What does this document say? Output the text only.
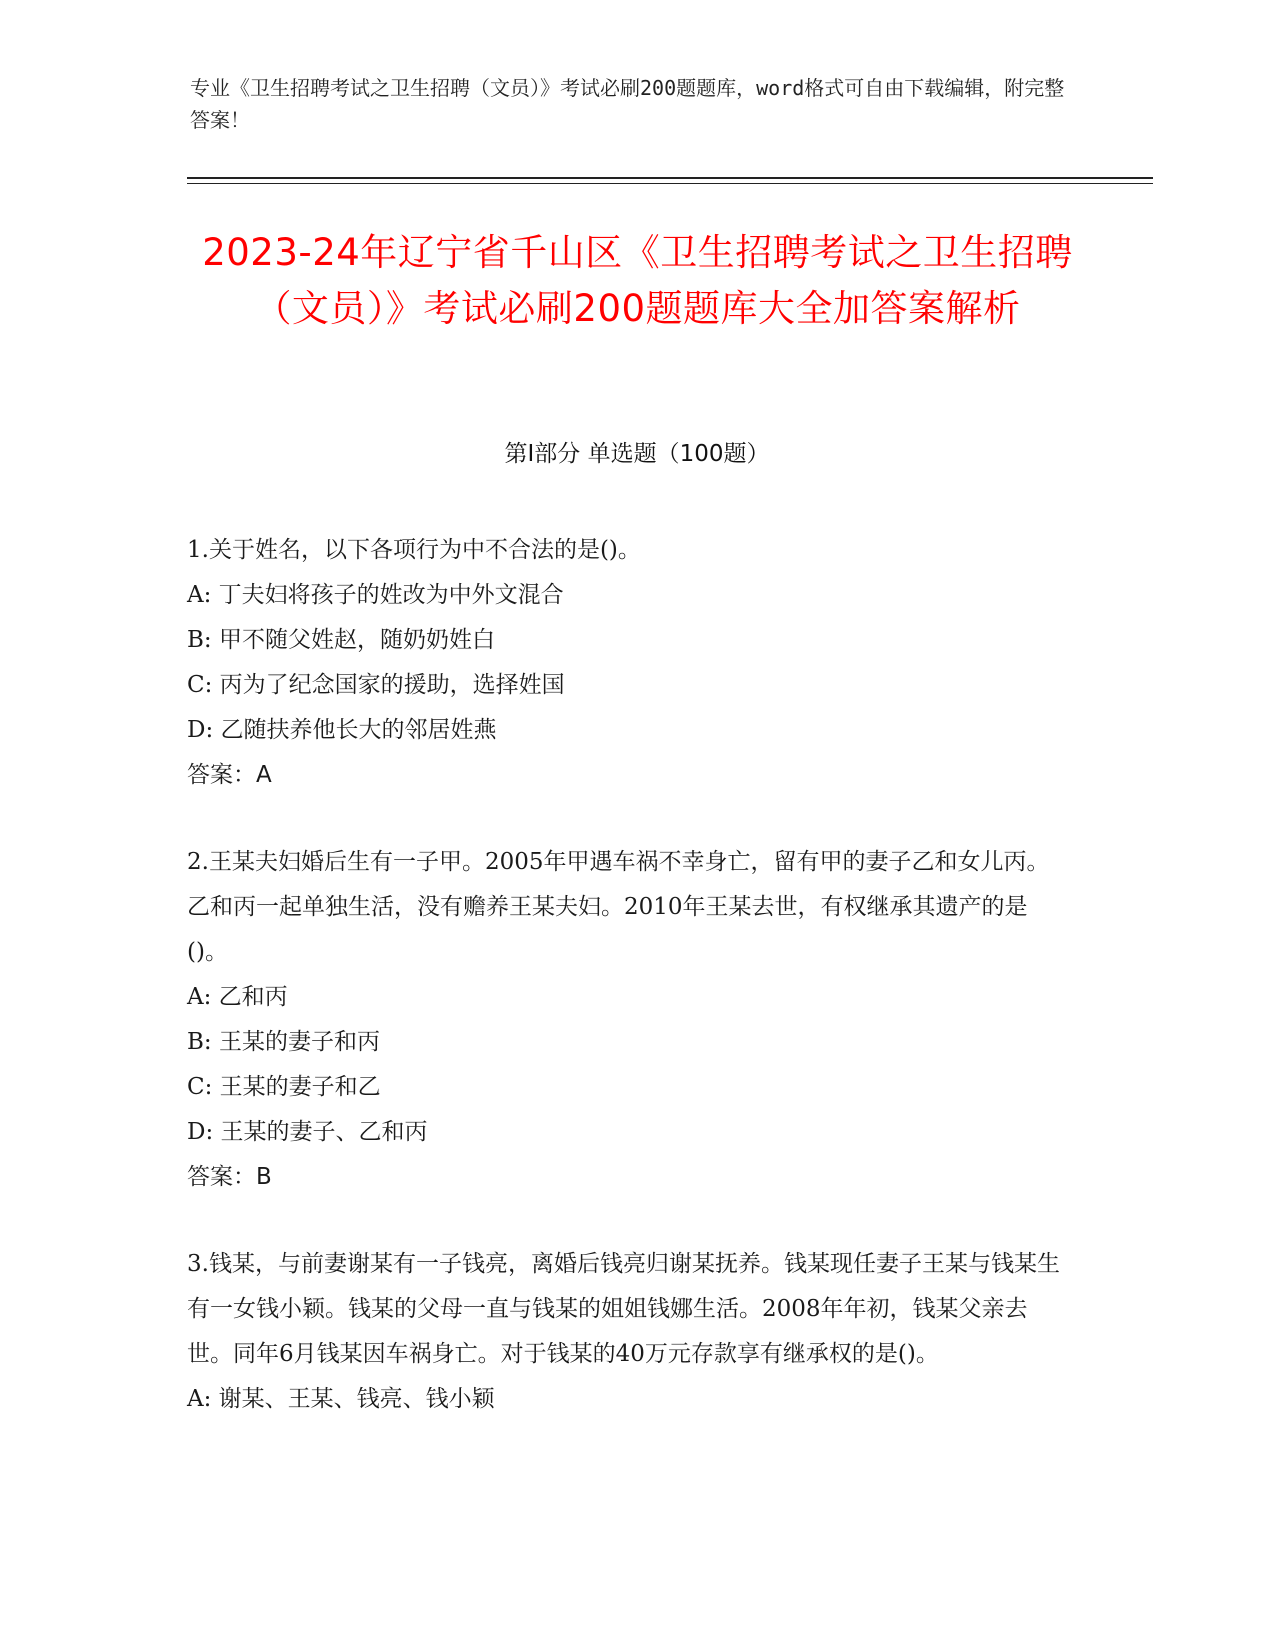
专业《卫生招聘考试之卫生招聘（文员）》考试必刷200题题库，word格式可自由下载编辑，附完整答案！
2023-24年辽宁省千山区《卫生招聘考试之卫生招聘（文员）》考试必刷200题题库大全加答案解析
第Ⅰ部分 单选题（100题）

1.关于姓名，以下各项行为中不合法的是()。

A: 丁夫妇将孩子的姓改为中外文混合

B: 甲不随父姓赵，随奶奶姓白

C: 丙为了纪念国家的援助，选择姓国

D: 乙随扶养他长大的邻居姓燕

答案：A

2.王某夫妇婚后生有一子甲。2005年甲遇车祸不幸身亡，留有甲的妻子乙和女儿丙。乙和丙一起单独生活，没有赡养王某夫妇。2010年王某去世，有权继承其遗产的是()。

A: 乙和丙

B: 王某的妻子和丙

C: 王某的妻子和乙

D: 王某的妻子、乙和丙

答案：B

3.钱某，与前妻谢某有一子钱亮，离婚后钱亮归谢某抚养。钱某现任妻子王某与钱某生有一女钱小颖。钱某的父母一直与钱某的姐姐钱娜生活。2008年年初，钱某父亲去世。同年6月钱某因车祸身亡。对于钱某的40万元存款享有继承权的是()。

A: 谢某、王某、钱亮、钱小颖
